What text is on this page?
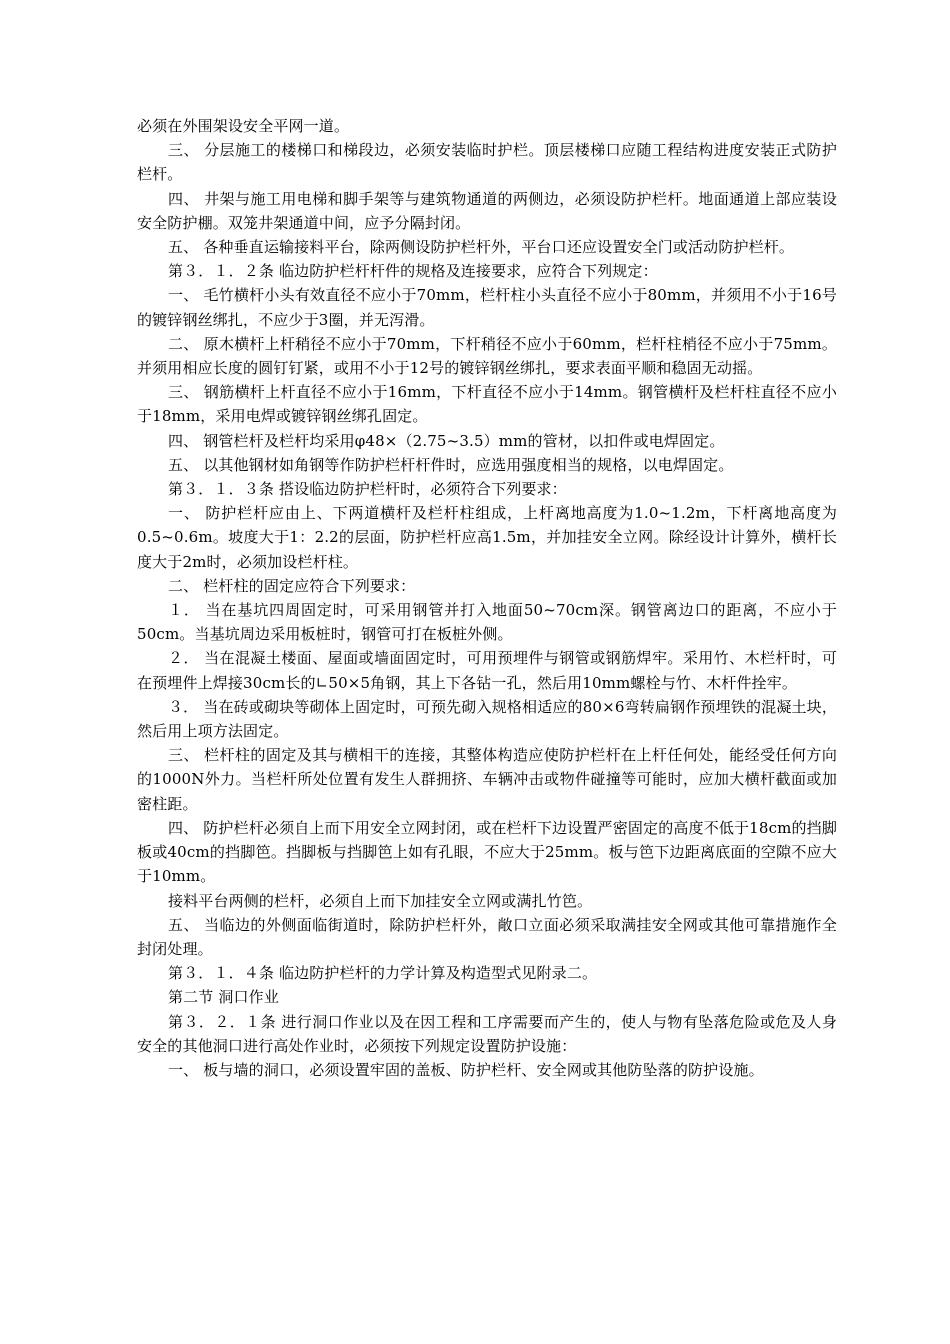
必须在外围架设安全平网一道。

三、 分层施工的楼梯口和梯段边，必须安装临时护栏。顶层楼梯口应随工程结构进度安装正式防护栏杆。

四、 井架与施工用电梯和脚手架等与建筑物通道的两侧边，必须设防护栏杆。地面通道上部应装设安全防护棚。双笼井架通道中间，应予分隔封闭。

五、 各种垂直运输接料平台，除两侧设防护栏杆外，平台口还应设置安全门或活动防护栏杆。

第３．１．２条 临边防护栏杆杆件的规格及连接要求，应符合下列规定：

一、 毛竹横杆小头有效直径不应小于70mm，栏杆柱小头直径不应小于80mm，并须用不小于16号的镀锌钢丝绑扎，不应少于3圈，并无泻滑。

二、 原木横杆上杆稍径不应小于70mm，下杆稍径不应小于60mm，栏杆柱梢径不应小于75mm。并须用相应长度的圆钉钉紧，或用不小于12号的镀锌钢丝绑扎，要求表面平顺和稳固无动摇。

三、 钢筋横杆上杆直径不应小于16mm，下杆直径不应小于14mm。钢管横杆及栏杆柱直径不应小于18mm，采用电焊或镀锌钢丝绑孔固定。

四、 钢管栏杆及栏杆均采用φ48×（2.75~3.5）mm的管材，以扣件或电焊固定。

五、 以其他钢材如角钢等作防护栏杆杆件时，应选用强度相当的规格，以电焊固定。

第３．１．３条 搭设临边防护栏杆时，必须符合下列要求：

一、 防护栏杆应由上、下两道横杆及栏杆柱组成，上杆离地高度为1.0~1.2m，下杆离地高度为0.5~0.6m。坡度大于1：2.2的层面，防护栏杆应高1.5m，并加挂安全立网。除经设计计算外，横杆长度大于2m时，必须加设栏杆柱。

二、 栏杆柱的固定应符合下列要求：

１． 当在基坑四周固定时，可采用钢管并打入地面50~70cm深。钢管离边口的距离，不应小于50cm。当基坑周边采用板桩时，钢管可打在板桩外侧。

２． 当在混凝土楼面、屋面或墙面固定时，可用预埋件与钢管或钢筋焊牢。采用竹、木栏杆时，可在预埋件上焊接30cm长的∟50×5角钢，其上下各钻一孔，然后用10mm螺栓与竹、木杆件拴牢。

３． 当在砖或砌块等砌体上固定时，可预先砌入规格相适应的80×6弯转扁钢作预埋铁的混凝土块，然后用上项方法固定。

三、 栏杆柱的固定及其与横相干的连接，其整体构造应使防护栏杆在上杆任何处，能经受任何方向的1000N外力。当栏杆所处位置有发生人群拥挤、车辆冲击或物件碰撞等可能时，应加大横杆截面或加密柱距。

四、 防护栏杆必须自上而下用安全立网封闭，或在栏杆下边设置严密固定的高度不低于18cm的挡脚板或40cm的挡脚笆。挡脚板与挡脚笆上如有孔眼，不应大于25mm。板与笆下边距离底面的空隙不应大于10mm。

接料平台两侧的栏杆，必须自上而下加挂安全立网或满扎竹笆。

五、 当临边的外侧面临街道时，除防护栏杆外，敞口立面必须采取满挂安全网或其他可靠措施作全封闭处理。

第３．１．４条 临边防护栏杆的力学计算及构造型式见附录二。

第二节 洞口作业

第３．２．１条 进行洞口作业以及在因工程和工序需要而产生的，使人与物有坠落危险或危及人身安全的其他洞口进行高处作业时，必须按下列规定设置防护设施：

一、 板与墙的洞口，必须设置牢固的盖板、防护栏杆、安全网或其他防坠落的防护设施。
